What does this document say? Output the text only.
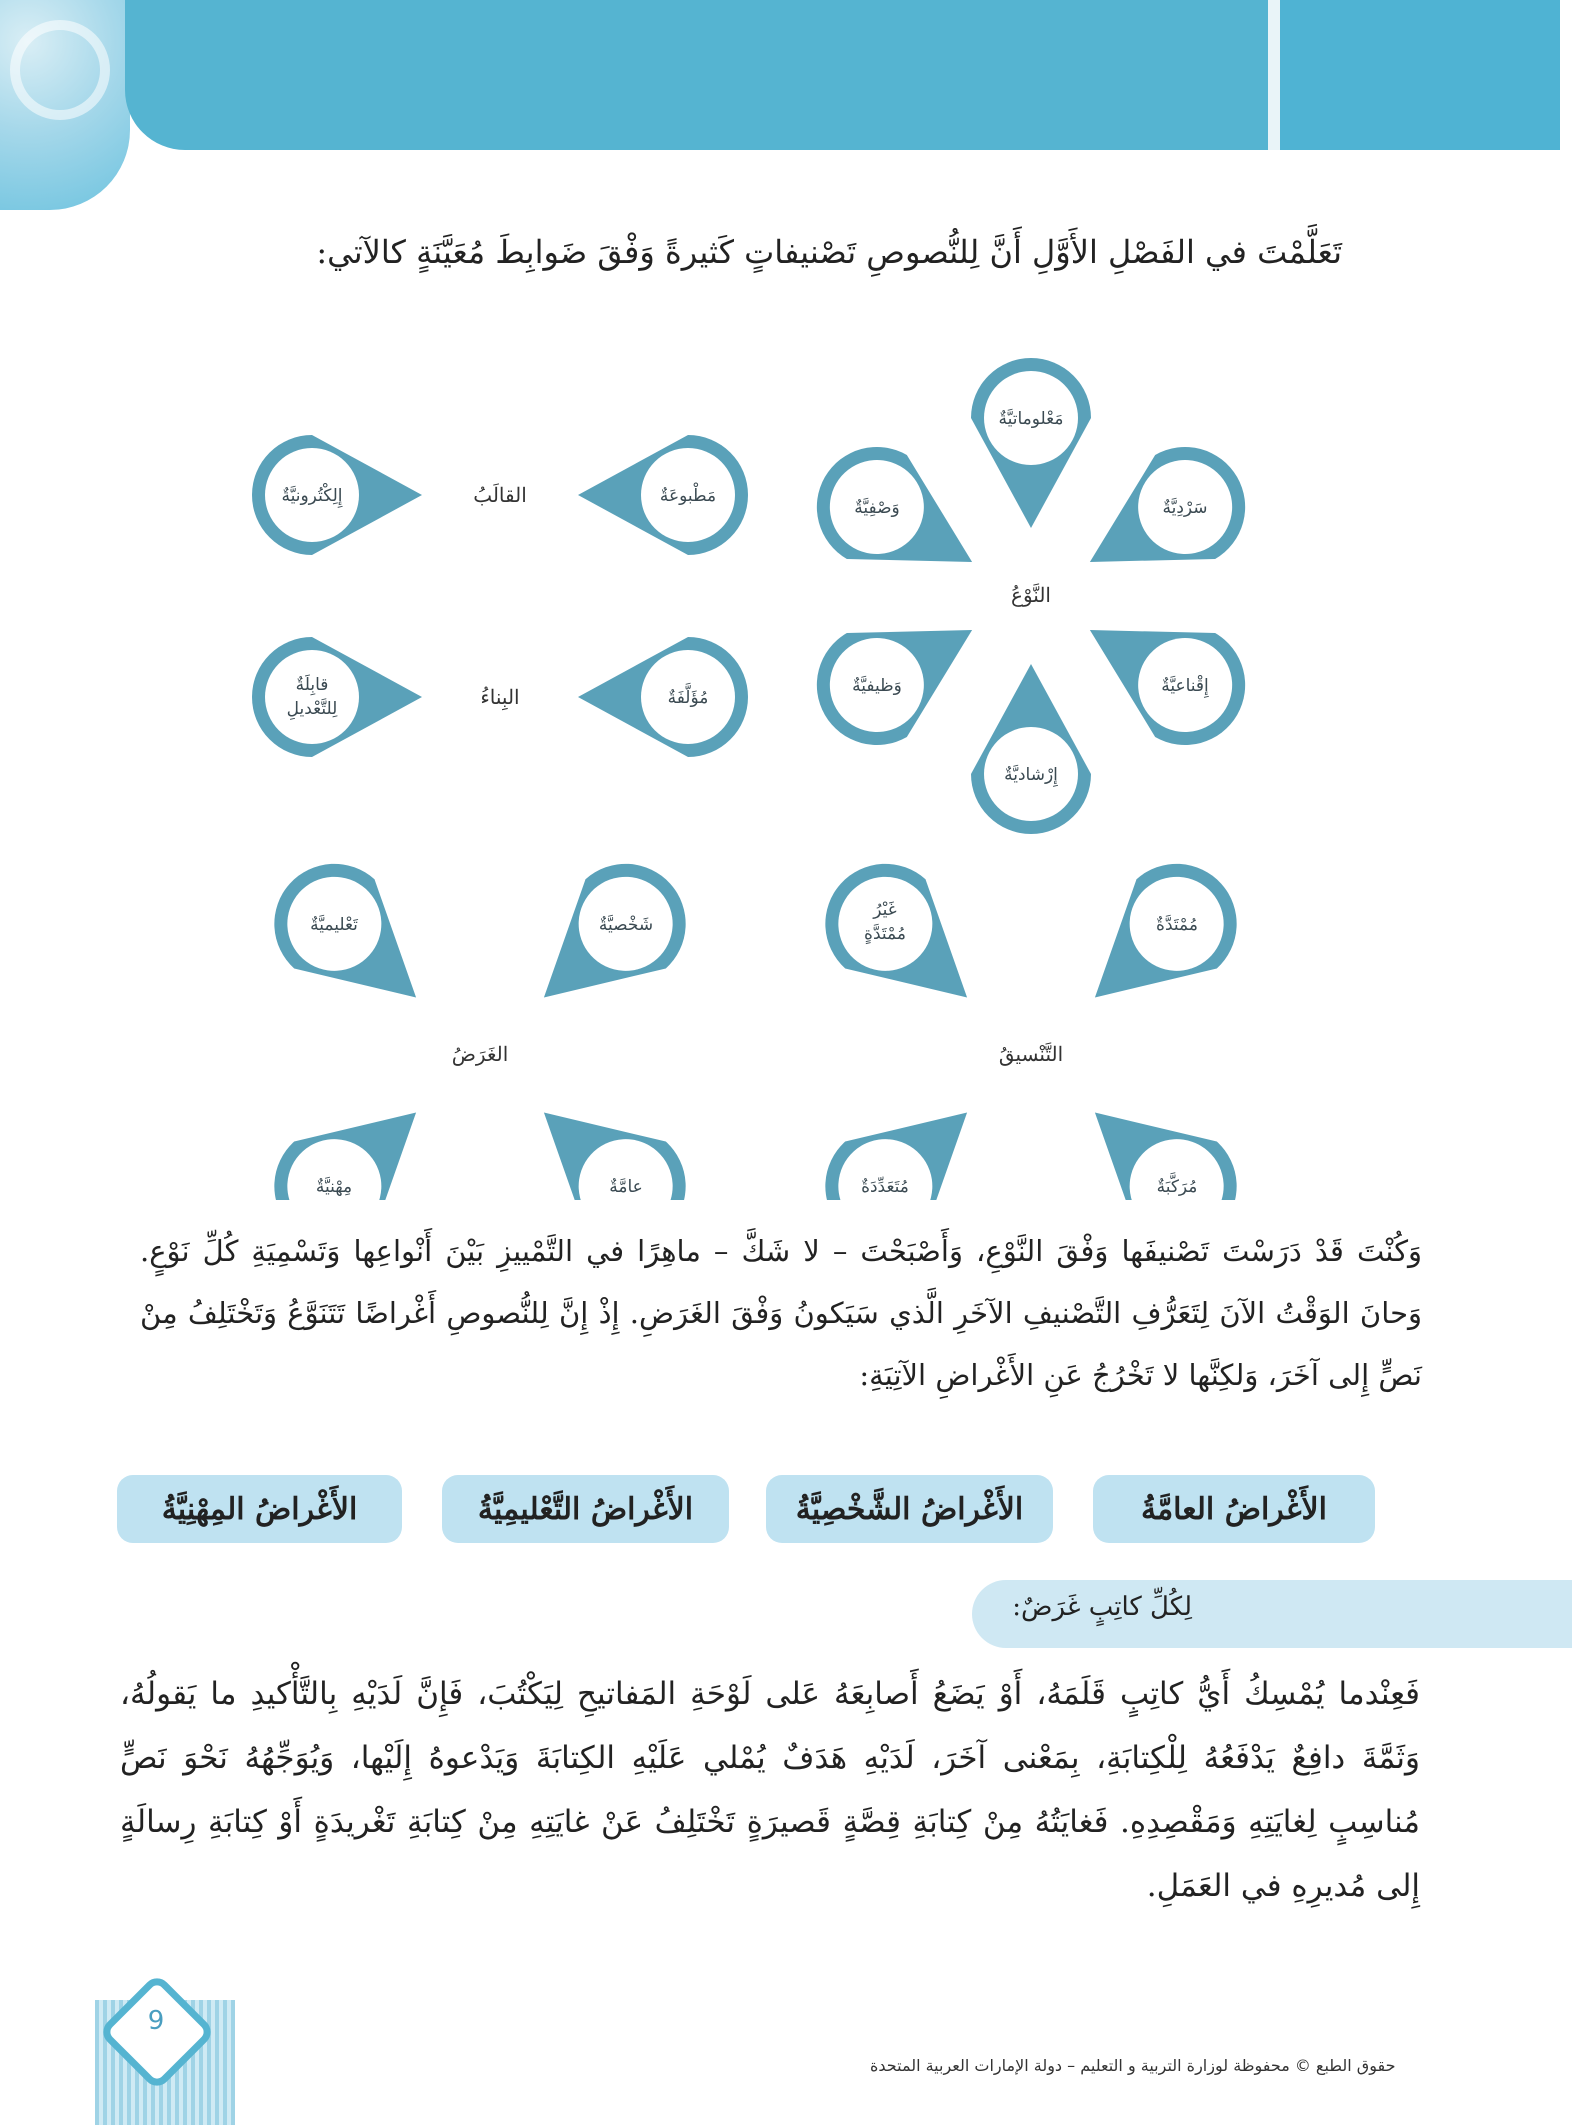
تَعَلَّمْتَ في الفَصْلِ الأَوَّلِ أَنَّ لِلنُّصوصِ تَصْنيفاتٍ كَثيرةً وَفْقَ ضَوابِطَ مُعَيَّنَةٍ كالآتي:
القالَبُ	مَطْبوعَةٌ
إِلِكْتُرونيَّةٌ
البِناءُ	مُؤَلَّفَةٌ
قابِلَةٌ لِلتَّعْديلِ
النَّوْعُ
مَعْلوماتيَّةٌ
سَرْدِيَّةٌ
وَصْفِيَّةٌ
إِقْناعيَّةٌ
وَظيفيَّةٌ
إِرْشاديَّةٌ
التَّنْسيقُ
مُمْتَدَّةٌ
غَيْرُ مُمْتَدَّةٍ
مُرَكَّبَةٌ
مُتَعَدِّدَةٌ
الغَرَضُ
شَخْصيَّةٌ
تَعْليميَّةٌ
عامَّةٌ
مِهْنيَّةٌ
وَكُنْتَ قَدْ دَرَسْتَ تَصْنيفَها وَفْقَ النَّوْعِ، وَأَصْبَحْتَ – لا شَكَّ – ماهِرًا في التَّمْييزِ بَيْنَ أَنْواعِها وَتَسْمِيَةِ كُلِّ نَوْعٍ. وَحانَ الوَقْتُ الآنَ لِتَعَرُّفِ التَّصْنيفِ الآخَرِ الَّذي سَيَكونُ وَفْقَ الغَرَضِ. إِذْ إِنَّ لِلنُّصوصِ أَغْراضًا تَتَنَوَّعُ وَتَخْتَلِفُ مِنْ نَصٍّ إِلى آخَرَ، وَلكِنَّها لا تَخْرُجُ عَنِ الأَغْراضِ الآتِيَةِ:
الأَغْراضُ العامَّةُ
الأَغْراضُ الشَّخْصِيَّةُ
الأَغْراضُ التَّعْليمِيَّةُ
الأَغْراضُ المِهْنِيَّةُ
لِكُلِّ كاتِبٍ غَرَضٌ:
فَعِنْدما يُمْسِكُ أَيُّ كاتِبٍ قَلَمَهُ، أَوْ يَضَعُ أَصابِعَهُ عَلى لَوْحَةِ المَفاتيحِ لِيَكْتُبَ، فَإِنَّ لَدَيْهِ بِالتَّأْكيدِ ما يَقولُهُ، وَثَمَّةَ دافِعٌ يَدْفَعُهُ لِلْكِتابَةِ، بِمَعْنى آخَرَ، لَدَيْهِ هَدَفٌ يُمْلي عَلَيْهِ الكِتابَةَ وَيَدْعوهُ إِلَيْها، وَيُوَجِّهُهُ نَحْوَ نَصٍّ مُناسِبٍ لِغايَتِهِ وَمَقْصِدِهِ. فَغايَتُهُ مِنْ كِتابَةِ قِصَّةٍ قَصيرَةٍ تَخْتَلِفُ عَنْ غايَتِهِ مِنْ كِتابَةِ تَغْريدَةٍ أَوْ كِتابَةِ رِسالَةٍ إِلى مُديرِهِ في العَمَلِ.
9
حقوق الطبع © محفوظة لوزارة التربية و التعليم – دولة الإمارات العربية المتحدة
